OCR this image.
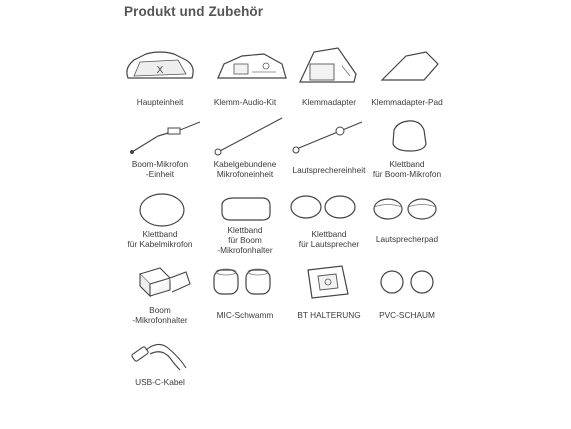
Produkt und Zubehör
X
Haupteinheit	Klemm-Audio-Kit	Klemmadapter	Klemmadapter-Pad
Boom-Mikrofon
-Einheit
Kabelgebundene
Mikrofoneinheit	Lautsprechereinheit
Klettband
für Boom-Mikrofon
Klettband
für Kabelmikrofon
Klettband
für Boom
-Mikrofonhalter
Klettband
für Lautsprecher	Lautsprecherpad
Boom
-Mikrofonhalter	MIC-Schwamm	BT HALTERUNG	PVC-SCHAUM
USB-C-Kabel
